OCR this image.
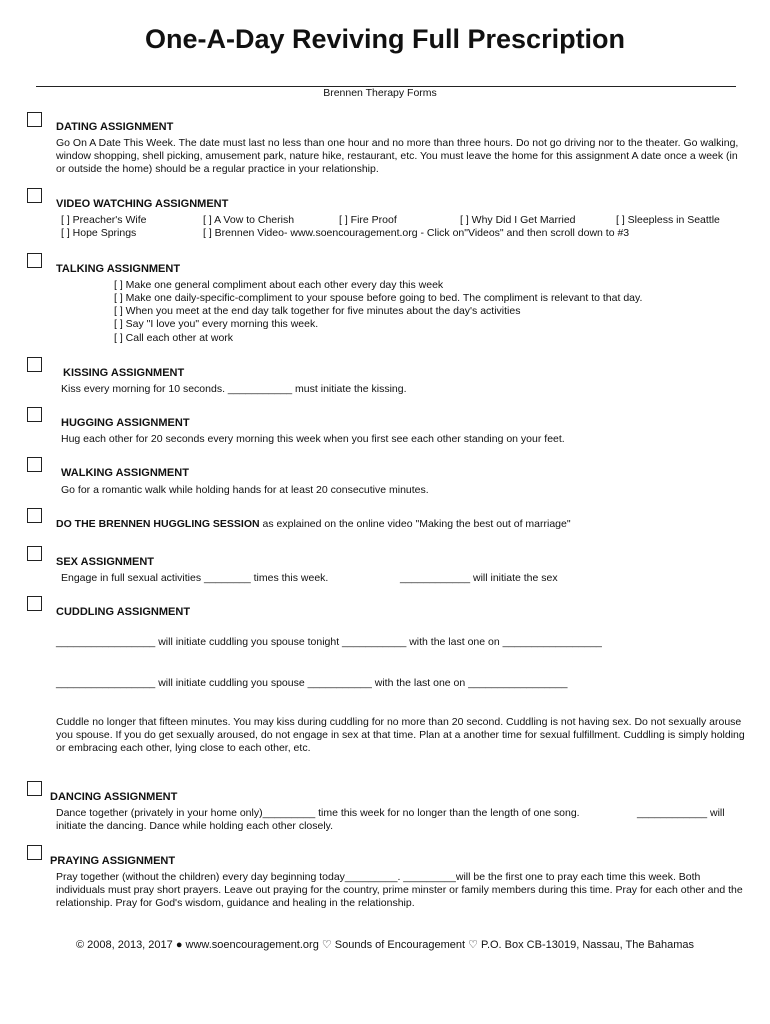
One-A-Day Reviving Full Prescription
Brennen Therapy Forms
DATING ASSIGNMENT
Go On A Date This Week. The date must last no less than one hour and no more than three hours. Do not go driving nor to the theater. Go walking, window shopping, shell picking, amusement park, nature hike, restaurant, etc. You must leave the home for this assignment A date once a week (in or outside the home) should be a regular practice in your relationship.
VIDEO WATCHING ASSIGNMENT
[ ] Preacher's Wife	[ ] A Vow to Cherish	[ ] Fire Proof	[ ] Why Did I Get Married	[ ] Sleepless in Seattle
[ ] Hope Springs	[ ] Brennen Video- www.soencouragement.org - Click on"Videos" and then scroll down to #3
TALKING ASSIGNMENT
[ ] Make one general compliment about each other every day this week
[ ] Make one daily-specific-compliment to your spouse before going to bed. The compliment is relevant to that day.
[ ] When you meet at the end day talk together for five minutes about the day's activities
[ ] Say "I love you" every morning this week.
[ ] Call each other at work
KISSING ASSIGNMENT
Kiss every morning for 10 seconds. ___________ must initiate the kissing.
HUGGING ASSIGNMENT
Hug each other for 20 seconds every morning this week when you first see each other standing on your feet.
WALKING ASSIGNMENT
Go for a romantic walk while holding hands for at least 20 consecutive minutes.
DO THE BRENNEN HUGGLING SESSION as explained on the online video "Making the best out of marriage"
SEX ASSIGNMENT
Engage in full sexual activities ________ times this week.	____________ will initiate the sex
CUDDLING ASSIGNMENT
_________________ will initiate cuddling you spouse tonight ___________ with the last one on _________________
_________________ will initiate cuddling you spouse ___________ with the last one on _________________
Cuddle no longer that fifteen minutes. You may kiss during cuddling for no more than 20 second. Cuddling is not having sex. Do not sexually arouse you spouse. If you do get sexually aroused, do not engage in sex at that time. Plan at a another time for sexual fulfillment. Cuddling is simply holding or embracing each other, lying close to each other, etc.
DANCING ASSIGNMENT
Dance together (privately in your home only)_________ time this week for no longer than the length of one song.	____________ will
initiate the dancing. Dance while holding each other closely.
PRAYING ASSIGNMENT
Pray together (without the children) every day beginning today_________. _________will be the first one to pray each time this week. Both individuals must pray short prayers. Leave out praying for the country, prime minster or family members during this time. Pray for each other and the relationship. Pray for God's wisdom, guidance and healing in the relationship.
© 2008, 2013, 2017 ● www.soencouragement.org ♡ Sounds of Encouragement ♡ P.O. Box CB-13019, Nassau, The Bahamas
